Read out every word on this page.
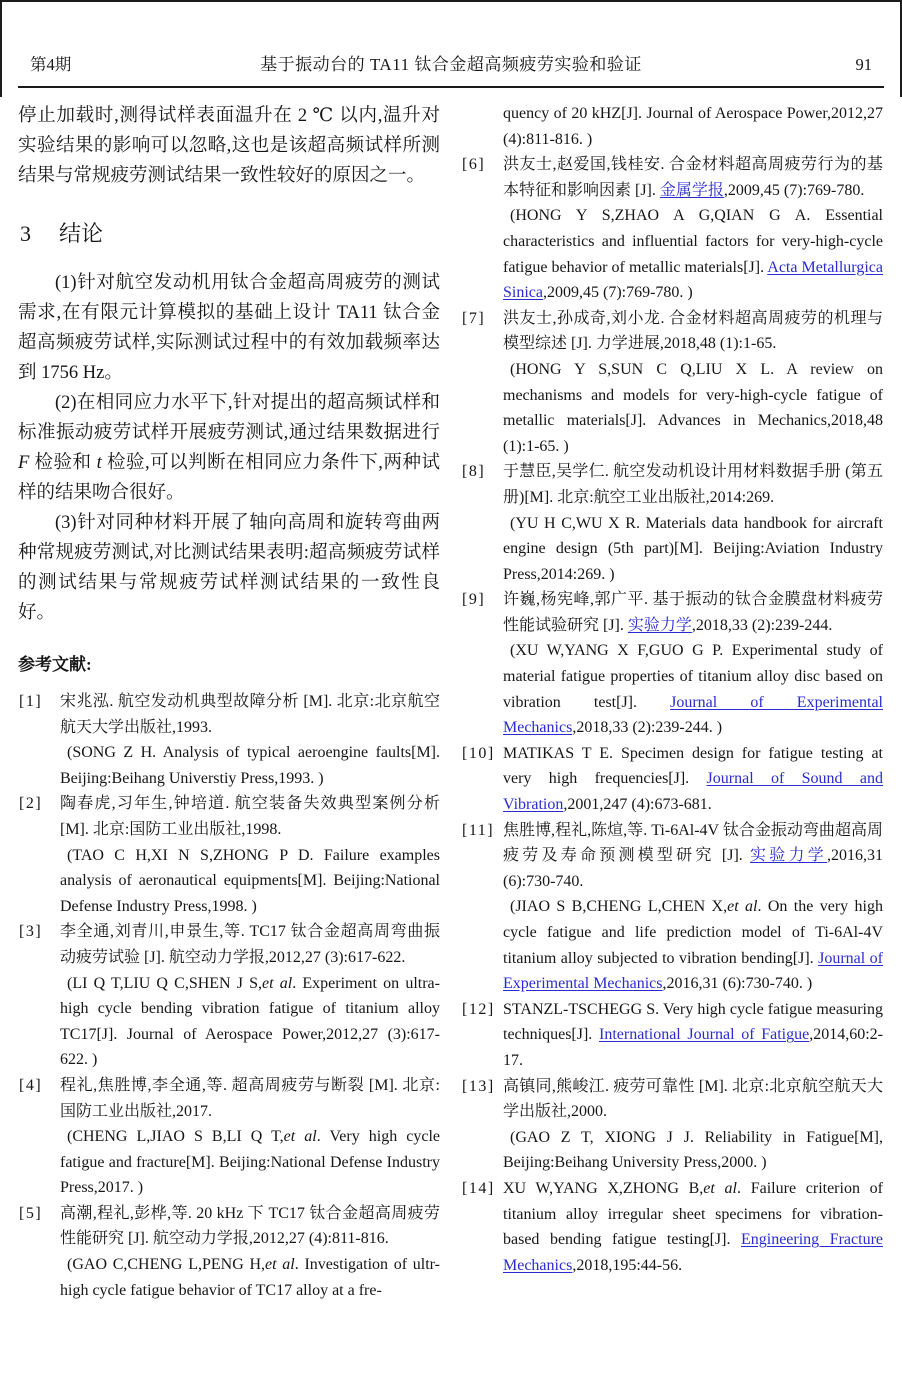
第4期	基于振动台的 TA11 钛合金超高频疲劳实验和验证	91

停止加载时,测得试样表面温升在 2 ℃ 以内,温升对实验结果的影响可以忽略,这也是该超高频试样所测结果与常规疲劳测试结果一致性较好的原因之一。

3 结论

(1)针对航空发动机用钛合金超高周疲劳的测试需求,在有限元计算模拟的基础上设计 TA11 钛合金超高频疲劳试样,实际测试过程中的有效加载频率达到 1756 Hz。

(2)在相同应力水平下,针对提出的超高频试样和标准振动疲劳试样开展疲劳测试,通过结果数据进行 F 检验和 t 检验,可以判断在相同应力条件下,两种试样的结果吻合很好。

(3)针对同种材料开展了轴向高周和旋转弯曲两种常规疲劳测试,对比测试结果表明:超高频疲劳试样的测试结果与常规疲劳试样测试结果的一致性良好。

参考文献:
[1] 宋兆泓. 航空发动机典型故障分析 [M]. 北京:北京航空航天大学出版社,1993.
(SONG Z H. Analysis of typical aeroengine faults[M]. Beijing:Beihang Universtiy Press,1993. )
[2] 陶春虎,习年生,钟培道. 航空装备失效典型案例分析 [M]. 北京:国防工业出版社,1998.
(TAO C H,XI N S,ZHONG P D. Failure examples analysis of aeronautical equipments[M]. Beijing:National Defense Industry Press,1998. )
[3] 李全通,刘青川,申景生,等. TC17 钛合金超高周弯曲振动疲劳试验 [J]. 航空动力学报,2012,27 (3):617-622.
(LI Q T,LIU Q C,SHEN J S,et al. Experiment on ultra-high cycle bending vibration fatigue of titanium alloy TC17[J]. Journal of Aerospace Power,2012,27 (3):617-622. )
[4] 程礼,焦胜博,李全通,等. 超高周疲劳与断裂 [M]. 北京:国防工业出版社,2017.
(CHENG L,JIAO S B,LI Q T,et al. Very high cycle fatigue and fracture[M]. Beijing:National Defense Industry Press,2017. )
[5] 高潮,程礼,彭桦,等. 20 kHz 下 TC17 钛合金超高周疲劳性能研究 [J]. 航空动力学报,2012,27 (4):811-816.
(GAO C,CHENG L,PENG H,et al. Investigation of ultr-high cycle fatigue behavior of TC17 alloy at a fre-
quency of 20 kHZ[J]. Journal of Aerospace Power,2012,27 (4):811-816. )
[6] 洪友士,赵爱国,钱桂安. 合金材料超高周疲劳行为的基本特征和影响因素 [J]. 金属学报,2009,45 (7):769-780.
(HONG Y S,ZHAO A G,QIAN G A. Essential characteristics and influential factors for very-high-cycle fatigue behavior of metallic materials[J]. Acta Metallurgica Sinica,2009,45 (7):769-780. )
[7] 洪友士,孙成奇,刘小龙. 合金材料超高周疲劳的机理与模型综述 [J]. 力学进展,2018,48 (1):1-65.
(HONG Y S,SUN C Q,LIU X L. A review on mechanisms and models for very-high-cycle fatigue of metallic materials[J]. Advances in Mechanics,2018,48 (1):1-65. )
[8] 于慧臣,吴学仁. 航空发动机设计用材料数据手册 (第五册)[M]. 北京:航空工业出版社,2014:269.
(YU H C,WU X R. Materials data handbook for aircraft engine design (5th part)[M]. Beijing:Aviation Industry Press,2014:269. )
[9] 许巍,杨宪峰,郭广平. 基于振动的钛合金膜盘材料疲劳性能试验研究 [J]. 实验力学,2018,33 (2):239-244.
(XU W,YANG X F,GUO G P. Experimental study of material fatigue properties of titanium alloy disc based on vibration test[J]. Journal of Experimental Mechanics,2018,33 (2):239-244. )
[10] MATIKAS T E. Specimen design for fatigue testing at very high frequencies[J]. Journal of Sound and Vibration,2001,247 (4):673-681.
[11] 焦胜博,程礼,陈煊,等. Ti-6Al-4V 钛合金振动弯曲超高周疲劳及寿命预测模型研究 [J]. 实验力学,2016,31 (6):730-740.
(JIAO S B,CHENG L,CHEN X,et al. On the very high cycle fatigue and life prediction model of Ti-6Al-4V titanium alloy subjected to vibration bending[J]. Journal of Experimental Mechanics,2016,31 (6):730-740. )
[12] STANZL-TSCHEGG S. Very high cycle fatigue measuring techniques[J]. International Journal of Fatigue,2014,60:2-17.
[13] 高镇同,熊峻江. 疲劳可靠性 [M]. 北京:北京航空航天大学出版社,2000.
(GAO Z T, XIONG J J. Reliability in Fatigue[M], Beijing:Beihang University Press,2000. )
[14] XU W,YANG X,ZHONG B,et al. Failure criterion of titanium alloy irregular sheet specimens for vibration-based bending fatigue testing[J]. Engineering Fracture Mechanics,2018,195:44-56.
